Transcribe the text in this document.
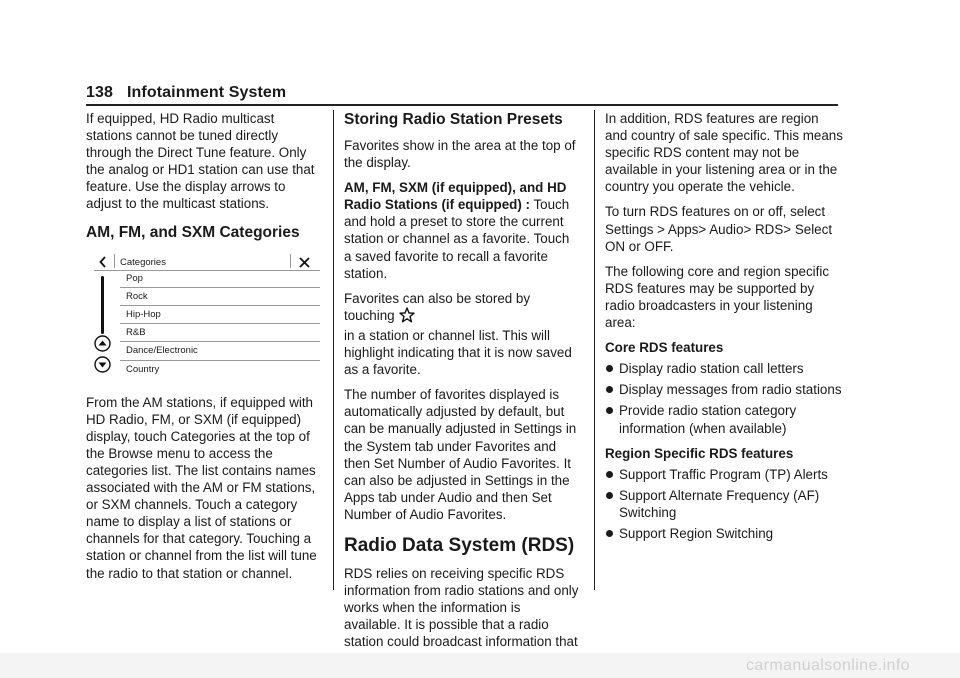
138 Infotainment System

If equipped, HD Radio multicast stations cannot be tuned directly through the Direct Tune feature. Only the analog or HD1 station can use that feature. Use the display arrows to adjust to the multicast stations.

AM, FM, and SXM Categories
Categories
Pop
Rock
Hip-Hop
R&B
Dance/Electronic
Country

From the AM stations, if equipped with HD Radio, FM, or SXM (if equipped) display, touch Categories at the top of the Browse menu to access the categories list. The list contains names associated with the AM or FM stations, or SXM channels. Touch a category name to display a list of stations or channels for that category. Touching a station or channel from the list will tune the radio to that station or channel.

Storing Radio Station Presets

Favorites show in the area at the top of the display.

AM, FM, SXM (if equipped), and HD Radio Stations (if equipped) : Touch and hold a preset to store the current station or channel as a favorite. Touch a saved favorite to recall a favorite station.

Favorites can also be stored by touching
in a station or channel list. This will highlight indicating that it is now saved as a favorite.

The number of favorites displayed is automatically adjusted by default, but can be manually adjusted in Settings in the System tab under Favorites and then Set Number of Audio Favorites. It can also be adjusted in Settings in the Apps tab under Audio and then Set Number of Audio Favorites.

Radio Data System (RDS)

RDS relies on receiving specific RDS information from radio stations and only works when the information is available. It is possible that a radio station could broadcast information that

In addition, RDS features are region and country of sale specific. This means specific RDS content may not be available in your listening area or in the country you operate the vehicle.

To turn RDS features on or off, select Settings > Apps> Audio> RDS> Select ON or OFF.

The following core and region specific RDS features may be supported by radio broadcasters in your listening area:

Core RDS features

Display radio station call letters
Display messages from radio stations
Provide radio station category information (when available)

Region Specific RDS features

Support Traffic Program (TP) Alerts
Support Alternate Frequency (AF) Switching
Support Region Switching
carmanualsonline.info
